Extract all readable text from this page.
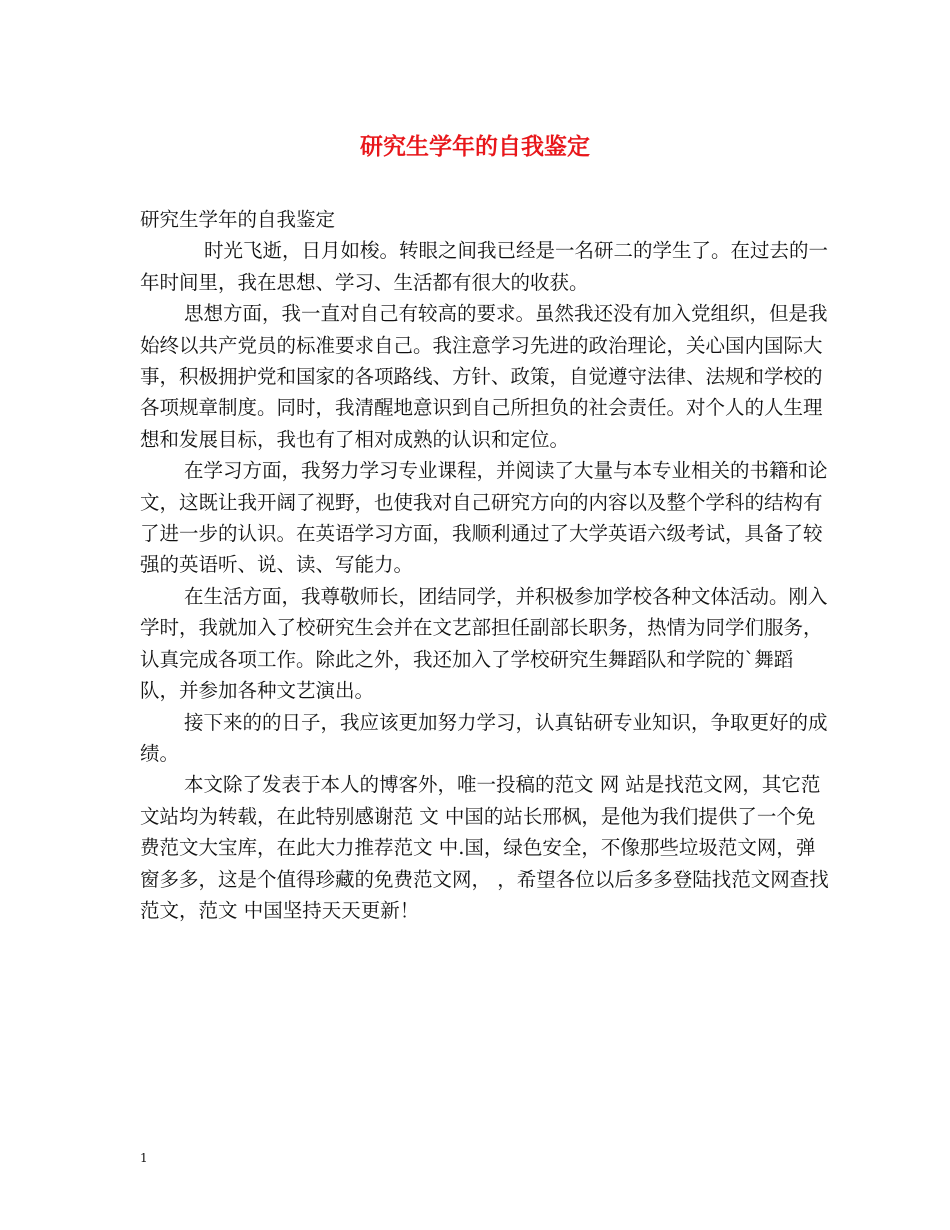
研究生学年的自我鉴定

研究生学年的自我鉴定

时光飞逝，日月如梭。转眼之间我已经是一名研二的学生了。在过去的一年时间里，我在思想、学习、生活都有很大的收获。

思想方面，我一直对自己有较高的要求。虽然我还没有加入党组织，但是我始终以共产党员的标准要求自己。我注意学习先进的政治理论，关心国内国际大事，积极拥护党和国家的各项路线、方针、政策，自觉遵守法律、法规和学校的各项规章制度。同时，我清醒地意识到自己所担负的社会责任。对个人的人生理想和发展目标，我也有了相对成熟的认识和定位。

在学习方面，我努力学习专业课程，并阅读了大量与本专业相关的书籍和论文，这既让我开阔了视野，也使我对自己研究方向的内容以及整个学科的结构有了进一步的认识。在英语学习方面，我顺利通过了大学英语六级考试，具备了较强的英语听、说、读、写能力。

在生活方面，我尊敬师长，团结同学，并积极参加学校各种文体活动。刚入学时，我就加入了校研究生会并在文艺部担任副部长职务，热情为同学们服务，认真完成各项工作。除此之外，我还加入了学校研究生舞蹈队和学院的`舞蹈队，并参加各种文艺演出。

接下来的的日子，我应该更加努力学习，认真钻研专业知识，争取更好的成绩。

本文除了发表于本人的博客外，唯一投稿的范文 网 站是找范文网，其它范文站均为转载，在此特别感谢范 文 中国的站长邢枫，是他为我们提供了一个免费范文大宝库，在此大力推荐范文 中.国，绿色安全，不像那些垃圾范文网，弹窗多多，这是个值得珍藏的免费范文网， ，希望各位以后多多登陆找范文网查找范文，范文 中国坚持天天更新！

1
